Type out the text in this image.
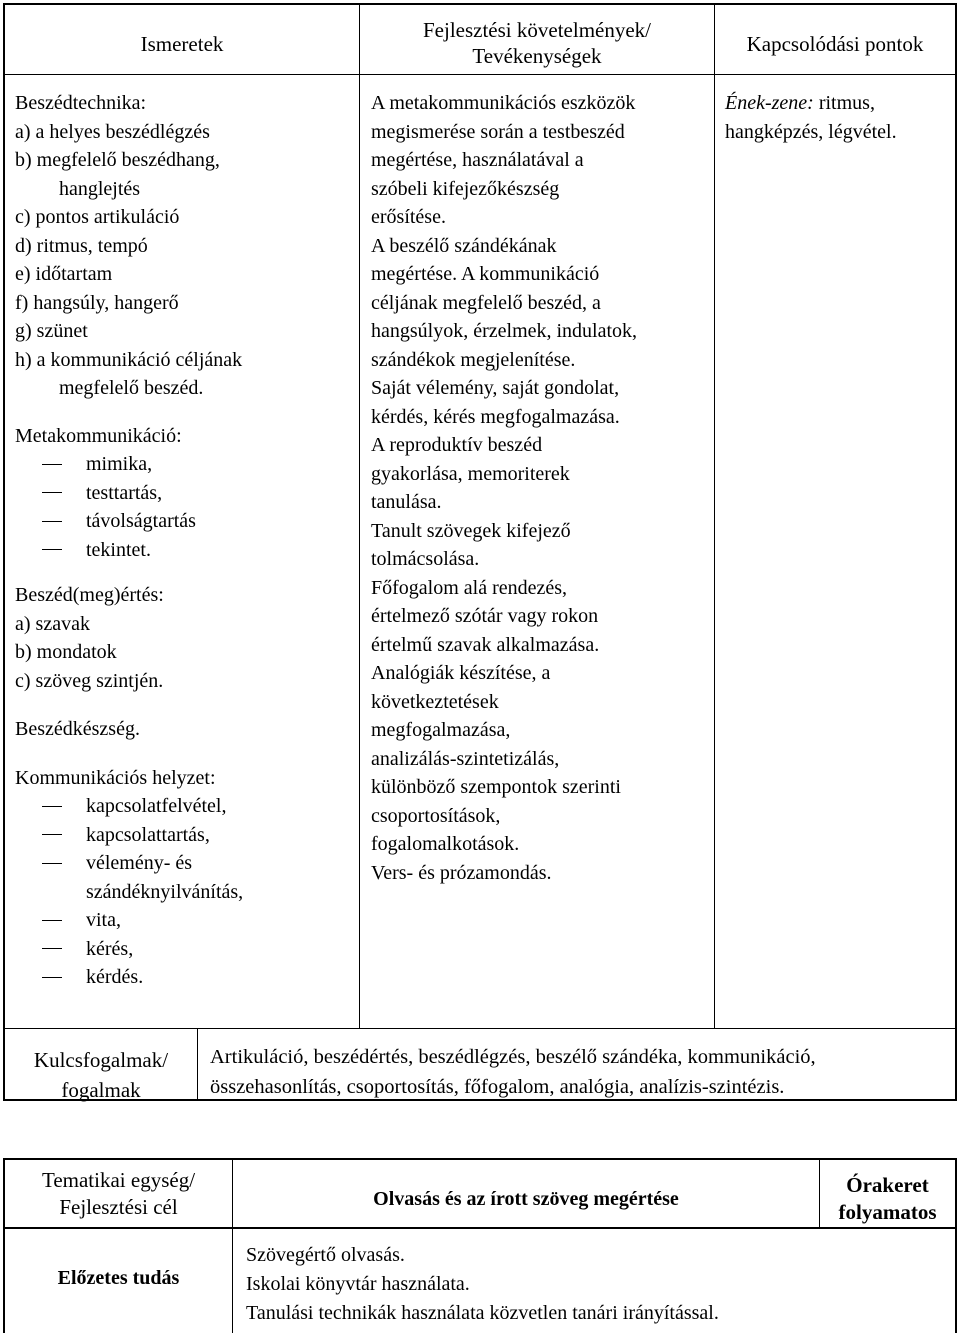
Ismeretek
Fejlesztési követelmények/
Tevékenységek	Kapcsolódási pontok
Beszédtechnika:
a) a helyes beszédlégzés
b) megfelelő beszédhang,
hanglejtés
c) pontos artikuláció
d) ritmus, tempó
e) időtartam
f) hangsúly, hangerő
g) szünet
h) a kommunikáció céljának
megfelelő beszéd.
Metakommunikáció:
mimika,
testtartás,
távolságtartás
tekintet.
Beszéd(meg)értés:
a) szavak
b) mondatok
c) szöveg szintjén.
Beszédkészség.
Kommunikációs helyzet:
kapcsolatfelvétel,
kapcsolattartás,
vélemény- és
szándéknyilvánítás,
vita,
kérés,
kérdés.
A metakommunikációs eszközök
megismerése során a testbeszéd
megértése, használatával a
szóbeli kifejezőkészség
erősítése.
A beszélő szándékának
megértése. A kommunikáció
céljának megfelelő beszéd, a
hangsúlyok, érzelmek, indulatok,
szándékok megjelenítése.
Saját vélemény, saját gondolat,
kérdés, kérés megfogalmazása.
A reproduktív beszéd
gyakorlása, memoriterek
tanulása.
Tanult szövegek kifejező
tolmácsolása.
Főfogalom alá rendezés,
értelmező szótár vagy rokon
értelmű szavak alkalmazása.
Analógiák készítése, a
következtetések
megfogalmazása,
analizálás-szintetizálás,
különböző szempontok szerinti
csoportosítások,
fogalomalkotások.
Vers- és prózamondás.
Ének-zene: ritmus,
hangképzés, légvétel.
Kulcsfogalmak/
fogalmak
Artikuláció, beszédértés, beszédlégzés, beszélő szándéka, kommunikáció,
összehasonlítás, csoportosítás, főfogalom, analógia, analízis-szintézis.
Tematikai egység/
Fejlesztési cél	Olvasás és az írott szöveg megértése
Órakeret
folyamatos
Előzetes tudás
Szövegértő olvasás.
Iskolai könyvtár használata.
Tanulási technikák használata közvetlen tanári irányítással.
